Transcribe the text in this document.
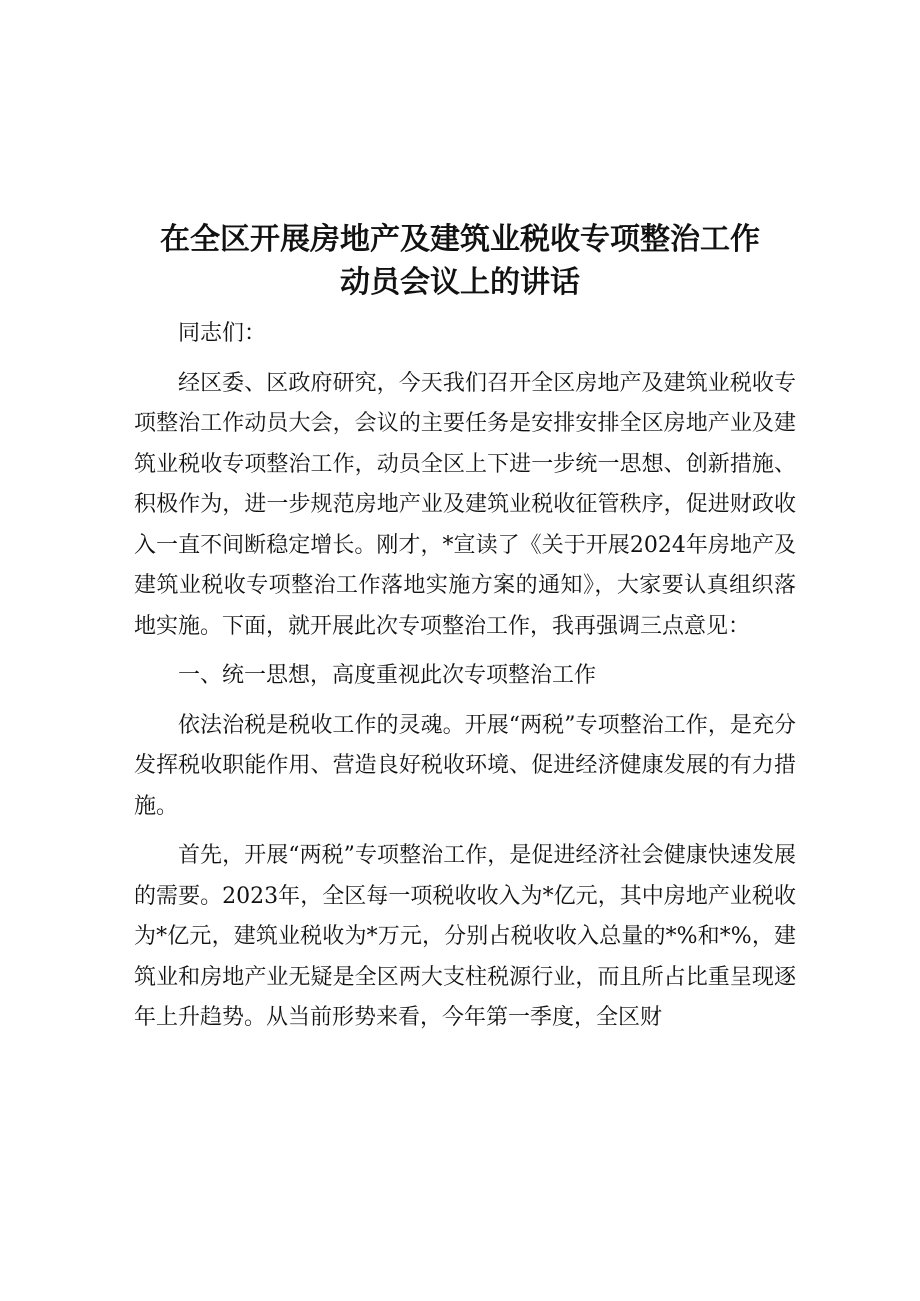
在全区开展房地产及建筑业税收专项整治工作
动员会议上的讲话

同志们：

经区委、区政府研究，今天我们召开全区房地产及建筑业税收专项整治工作动员大会，会议的主要任务是安排安排全区房地产业及建筑业税收专项整治工作，动员全区上下进一步统一思想、创新措施、积极作为，进一步规范房地产业及建筑业税收征管秩序，促进财政收入一直不间断稳定增长。刚才，*宣读了《关于开展2024年房地产及建筑业税收专项整治工作落地实施方案的通知》，大家要认真组织落地实施。下面，就开展此次专项整治工作，我再强调三点意见：

一、统一思想，高度重视此次专项整治工作

依法治税是税收工作的灵魂。开展“两税”专项整治工作，是充分发挥税收职能作用、营造良好税收环境、促进经济健康发展的有力措施。

首先，开展“两税”专项整治工作，是促进经济社会健康快速发展的需要。2023年，全区每一项税收收入为*亿元，其中房地产业税收为*亿元，建筑业税收为*万元，分别占税收收入总量的*%和*%，建筑业和房地产业无疑是全区两大支柱税源行业，而且所占比重呈现逐年上升趋势。从当前形势来看，今年第一季度，全区财
